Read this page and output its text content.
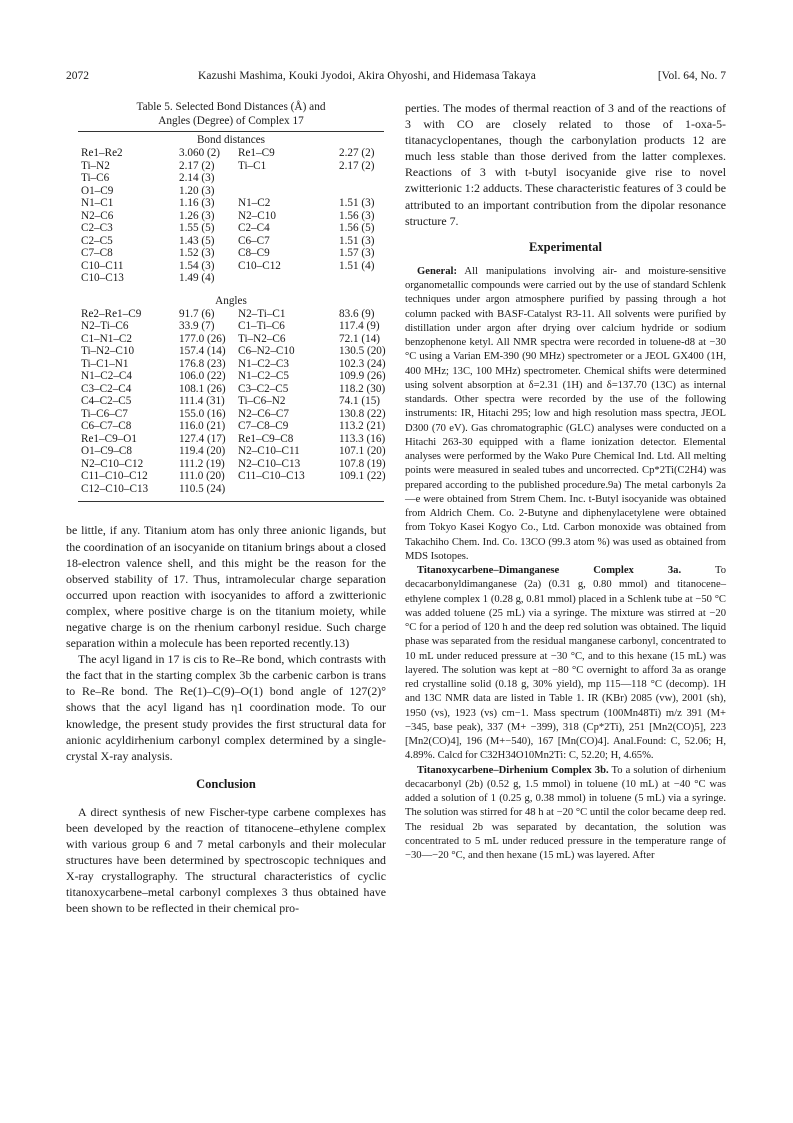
2072	Kazushi Mashima, Kouki Jyodoi, Akira Ohyoshi, and Hidemasa Takaya	[Vol. 64, No. 7
Table 5. Selected Bond Distances (Å) and
Angles (Degree) of Complex 17
Bond distances
Re1–Re2	3.060 (2) Re1–C9	2.27 (2)
Ti–N2	2.17 (2) Ti–C1	2.17 (2)
Ti–C6	2.14 (3)
O1–C9	1.20 (3)
N1–C1	1.16 (3) N1–C2	1.51 (3)
N2–C6	1.26 (3) N2–C10	1.56 (3)
C2–C3	1.55 (5) C2–C4	1.56 (5)
C2–C5	1.43 (5) C6–C7	1.51 (3)
C7–C8	1.52 (3) C8–C9	1.57 (3)
C10–C11	1.54 (3) C10–C12	1.51 (4)
C10–C13	1.49 (4)
Angles
Re2–Re1–C9	91.7 (6) N2–Ti–C1	83.6 (9)
N2–Ti–C6	33.9 (7) C1–Ti–C6	117.4 (9)
C1–N1–C2	177.0 (26) Ti–N2–C6	72.1 (14)
Ti–N2–C10	157.4 (14) C6–N2–C10	130.5 (20)
Ti–C1–N1	176.8 (23) N1–C2–C3	102.3 (24)
N1–C2–C4	106.0 (22) N1–C2–C5	109.9 (26)
C3–C2–C4	108.1 (26) C3–C2–C5	118.2 (30)
C4–C2–C5	111.4 (31) Ti–C6–N2	74.1 (15)
Ti–C6–C7	155.0 (16) N2–C6–C7	130.8 (22)
C6–C7–C8	116.0 (21) C7–C8–C9	113.2 (21)
Re1–C9–O1	127.4 (17) Re1–C9–C8	113.3 (16)
O1–C9–C8	119.4 (20) N2–C10–C11	107.1 (20)
N2–C10–C12	111.2 (19) N2–C10–C13	107.8 (19)
C11–C10–C12	111.0 (20) C11–C10–C13	109.1 (22)
C12–C10–C13	110.5 (24)

be little, if any. Titanium atom has only three anionic ligands, but the coordination of an isocyanide on titanium brings about a closed 18-electron valence shell, and this might be the reason for the observed stability of 17. Thus, intramolecular charge separation occurred upon reaction with isocyanides to afford a zwitterionic complex, where positive charge is on the titanium moiety, while negative charge is on the rhenium carbonyl residue. Such charge separation within a molecule has been reported recently.13)

The acyl ligand in 17 is cis to Re–Re bond, which contrasts with the fact that in the starting complex 3b the carbenic carbon is trans to Re–Re bond. The Re(1)–C(9)–O(1) bond angle of 127(2)° shows that the acyl ligand has η1 coordination mode. To our knowledge, the present study provides the first structural data for anionic acyldirhenium carbonyl complex determined by a single-crystal X-ray analysis.

Conclusion

A direct synthesis of new Fischer-type carbene complexes has been developed by the reaction of titanocene–ethylene complex with various group 6 and 7 metal carbonyls and their molecular structures have been determined by spectroscopic techniques and X-ray crystallography. The structural characteristics of cyclic titanoxycarbene–metal carbonyl complexes 3 thus obtained have been shown to be reflected in their chemical pro-

perties. The modes of thermal reaction of 3 and of the reactions of 3 with CO are closely related to those of 1-oxa-5-titanacyclopentanes, though the carbonylation products 12 are much less stable than those derived from the latter complexes. Reactions of 3 with t-butyl isocyanide give rise to novel zwitterionic 1:2 adducts. These characteristic features of 3 could be attributed to an important contribution from the dipolar resonance structure 7.

Experimental

General: All manipulations involving air- and moisture-sensitive organometallic compounds were carried out by the use of standard Schlenk techniques under argon atmosphere purified by passing through a hot column packed with BASF-Catalyst R3-11. All solvents were purified by distillation under argon after drying over calcium hydride or sodium benzophenone ketyl. All NMR spectra were recorded in toluene-d8 at −30 °C using a Varian EM-390 (90 MHz) spectrometer or a JEOL GX400 (1H, 400 MHz; 13C, 100 MHz) spectrometer. Chemical shifts were determined using solvent absorption at δ=2.31 (1H) and δ=137.70 (13C) as internal standards. Other spectra were recorded by the use of the following instruments: IR, Hitachi 295; low and high resolution mass spectra, JEOL D300 (70 eV). Gas chromatographic (GLC) analyses were conducted on a Hitachi 263-30 equipped with a flame ionization detector. Elemental analyses were performed by the Wako Pure Chemical Ind. Ltd. All melting points were measured in sealed tubes and uncorrected. Cp*2Ti(C2H4) was prepared according to the published procedure.9a) The metal carbonyls 2a—e were obtained from Strem Chem. Inc. t-Butyl isocyanide was obtained from Aldrich Chem. Co. 2-Butyne and diphenylacetylene were obtained from Tokyo Kasei Kogyo Co., Ltd. Carbon monoxide was obtained from Takachiho Chem. Ind. Co. 13CO (99.3 atom %) was used as obtained from MDS Isotopes.

Titanoxycarbene–Dimanganese Complex 3a. To decacarbonyldimanganese (2a) (0.31 g, 0.80 mmol) and titanocene–ethylene complex 1 (0.28 g, 0.81 mmol) placed in a Schlenk tube at −50 °C was added toluene (25 mL) via a syringe. The mixture was stirred at −20 °C for a period of 120 h and the deep red solution was obtained. The liquid phase was separated from the residual manganese carbonyl, concentrated to 10 mL under reduced pressure at −30 °C, and to this hexane (15 mL) was layered. The solution was kept at −80 °C overnight to afford 3a as orange red crystalline solid (0.18 g, 30% yield), mp 115—118 °C (decomp). 1H and 13C NMR data are listed in Table 1. IR (KBr) 2085 (vw), 2001 (sh), 1950 (vs), 1923 (vs) cm−1. Mass spectrum (100Mn48Ti) m/z 391 (M+−345, base peak), 337 (M+ −399), 318 (Cp*2Ti), 251 [Mn2(CO)5], 223 [Mn2(CO)4], 196 (M+−540), 167 [Mn(CO)4]. Anal.Found: C, 52.06; H, 4.89%. Calcd for C32H34O10Mn2Ti: C, 52.20; H, 4.65%.

Titanoxycarbene–Dirhenium Complex 3b. To a solution of dirhenium decacarbonyl (2b) (0.52 g, 1.5 mmol) in toluene (10 mL) at −40 °C was added a solution of 1 (0.25 g, 0.38 mmol) in toluene (5 mL) via a syringe. The solution was stirred for 48 h at −20 °C until the color became deep red. The residual 2b was separated by decantation, the solution was concentrated to 5 mL under reduced pressure in the temperature range of −30—−20 °C, and then hexane (15 mL) was layered. After
